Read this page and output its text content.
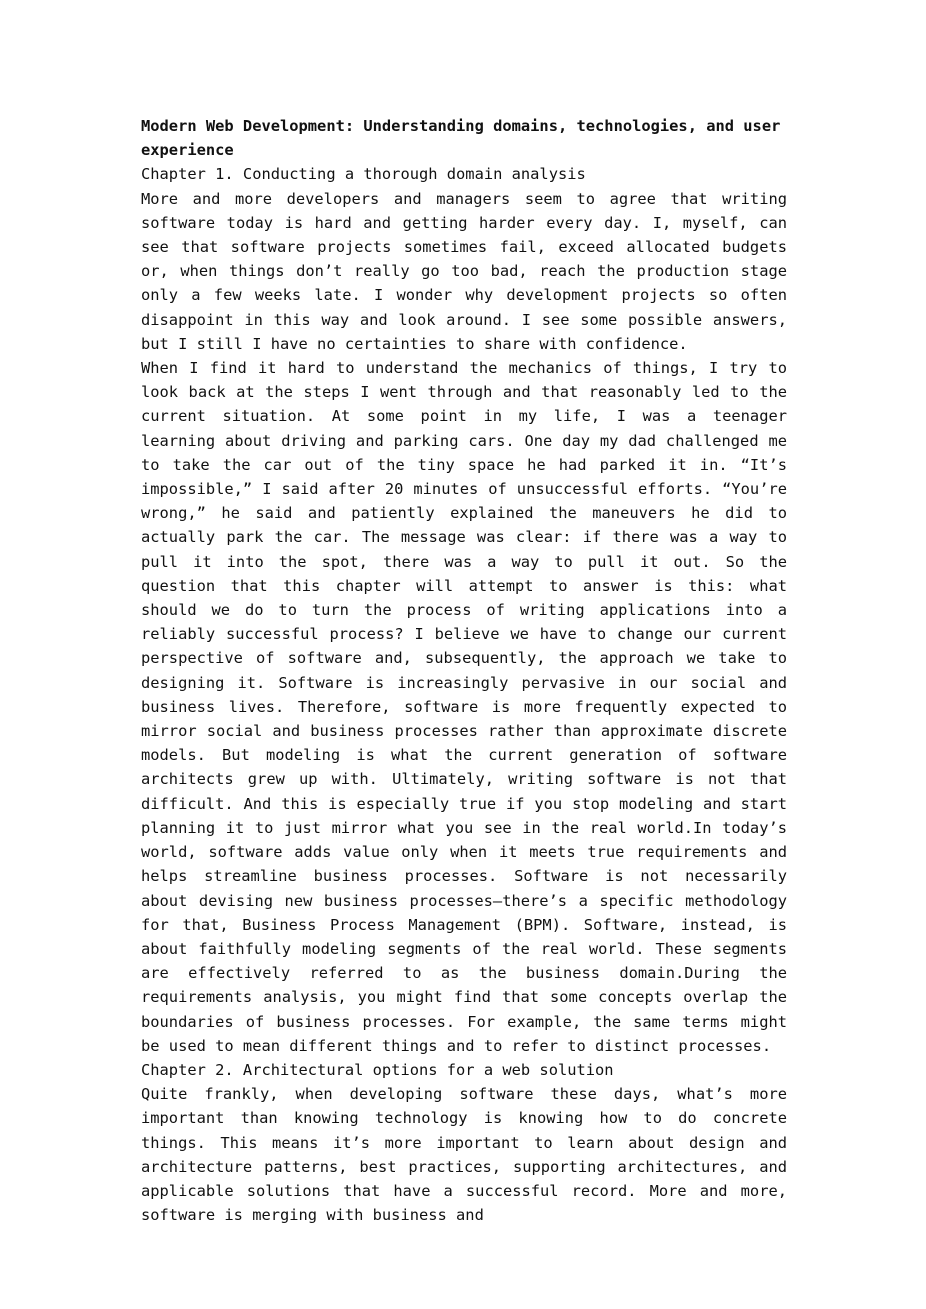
Modern Web Development: Understanding domains, technologies, and user experience
Chapter 1. Conducting a thorough domain analysis

More and more developers and managers seem to agree that writing software today is hard and getting harder every day. I, myself, can see that software projects sometimes fail, exceed allocated budgets or, when things don’t really go too bad, reach the production stage only a few weeks late. I wonder why development projects so often disappoint in this way and look around. I see some possible answers, but I still I have no certainties to share with confidence.

When I find it hard to understand the mechanics of things, I try to look back at the steps I went through and that reasonably led to the current situation. At some point in my life, I was a teenager learning about driving and parking cars. One day my dad challenged me to take the car out of the tiny space he had parked it in. “It’s impossible,” I said after 20 minutes of unsuccessful efforts. “You’re wrong,” he said and patiently explained the maneuvers he did to actually park the car. The message was clear: if there was a way to pull it into the spot, there was a way to pull it out. So the question that this chapter will attempt to answer is this: what should we do to turn the process of writing applications into a reliably successful process? I believe we have to change our current perspective of software and, subsequently, the approach we take to designing it. Software is increasingly pervasive in our social and business lives. Therefore, software is more frequently expected to mirror social and business processes rather than approximate discrete models. But modeling is what the current generation of software architects grew up with. Ultimately, writing software is not that difficult. And this is especially true if you stop modeling and start planning it to just mirror what you see in the real world.In today’s world, software adds value only when it meets true requirements and helps streamline business processes. Software is not necessarily about devising new business processes—there’s a specific methodology for that, Business Process Management (BPM). Software, instead, is about faithfully modeling segments of the real world. These segments are effectively referred to as the business domain.During the requirements analysis, you might find that some concepts overlap the boundaries of business processes. For example, the same terms might be used to mean different things and to refer to distinct processes.

Chapter 2. Architectural options for a web solution

Quite frankly, when developing software these days, what’s more important than knowing technology is knowing how to do concrete things. This means it’s more important to learn about design and architecture patterns, best practices, supporting architectures, and applicable solutions that have a successful record. More and more, software is merging with business and
